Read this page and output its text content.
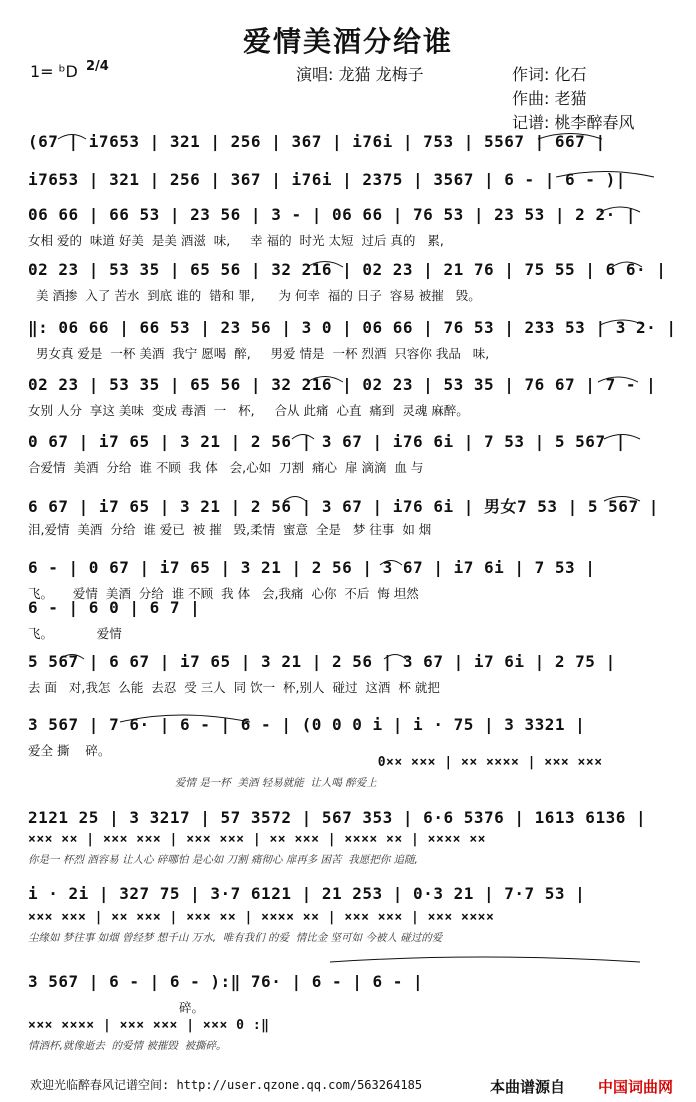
爱情美酒分给谁
1= ᵇD 2/4	演唱: 龙猫 龙梅子	作词: 化石
作曲: 老猫
记谱: 桃李醉春风
(67 | i7653 | 321 | 256 | 367 | i76i | 753 | 5567 | 667 |
i7653 | 321 | 256 | 367 | i76i | 2375 | 3567 | 6 - | 6 - )|
06 66 | 66 53 | 23 56 | 3 - | 06 66 | 76 53 | 23 53 | 2 2· |
女相 爱的  味道 好美  是美 酒滋  味,     幸 福的  时光 太短  过后 真的   累,
02 23 | 53 35 | 65 56 | 32 216 | 02 23 | 21 76 | 75 55 | 6 6· |
美 酒掺  入了 苦水  到底 谁的  错和 罪,      为 何幸  福的 日子  容易 被摧   毁。
‖: 06 66 | 66 53 | 23 56 | 3 0 | 06 66 | 76 53 | 233 53 | 3 2· |
男女真 爱是  一杯 美酒  我宁 愿喝  醉,     男爱 情是  一杯 烈酒  只容你 我品   味,
02 23 | 53 35 | 65 56 | 32 216 | 02 23 | 53 35 | 76 67 | 7 - |
女别 人分  享这 美味  变成 毒酒  一   杯,     合从 此痛  心直  痛到  灵魂 麻醉。
0 67 | i7 65 | 3 21 | 2 56 | 3 67 | i76 6i | 7 53 | 5 567 |
合爱情  美酒  分给  谁 不顾  我 体   会,心如  刀割  痛心  扉 滴滴  血 与
6 67 | i7 65 | 3 21 | 2 56 | 3 67 | i76 6i | 男女7 53 | 5 567 |
泪,爱情  美酒  分给  谁 爱已  被 摧   毁,柔情  蜜意  全是   梦 往事  如 烟
6 - | 0 67 | i7 65 | 3 21 | 2 56 | 3 67 | i7 6i | 7 53 |
飞。     爱情  美酒  分给  谁 不顾  我 体   会,我痛  心你  不后  悔 坦然
6 - | 6 0 | 6 7 |
飞。           爱情
5 567 | 6 67 | i7 65 | 3 21 | 2 56 | 3 67 | i7 6i | 2 75 |
去 面   对,我怎  么能  去忍  受 三人  同 饮一  杯,别人  碰过  这酒  杯 就把
3 567 | 7 6· | 6 - | 6 - | (0 0 0 i | i · 75 | 3 3321 |
爱全 撕    碎。
2121 25 | 3 3217 | 57 3572 | 567 353 | 6·6 5376 | 1613 6136 |
i · 2i | 327 75 | 3·7 6121 | 21 253 | 0·3 21 | 7·7 53 |
3 567 | 6 - | 6 - ):‖ 76· | 6 - | 6 - |
碎。
0×× ××× | ×× ×××× | ××× ×××
爱情 是一杯  美酒 轻易就能  让人喝 醉爱上
××× ×× | ××× ××× | ××× ××× | ×× ××× | ×××× ×× | ×××× ××
你是一 杯烈 酒容易 让人心 碎哪怕 是心如 刀割 痛彻心 扉再多 困苦  我愿把你 追随,
××× ××× | ×× ××× | ××× ×× | ×××× ×× | ××× ××× | ××× ××××
尘缘如 梦往事 如烟 曾经梦 想千山 万水,  唯有我们 的爱  情比金 坚可如 今被人 碰过的爱
××× ×××× | ××× ××× | ××× 0 :‖
情酒杯,就像逝去  的爱情 被摧毁  被撕碎。
欢迎光临醉春风记谱空间: http://user.qzone.qq.com/563264185	本曲谱源自 中国词曲网
